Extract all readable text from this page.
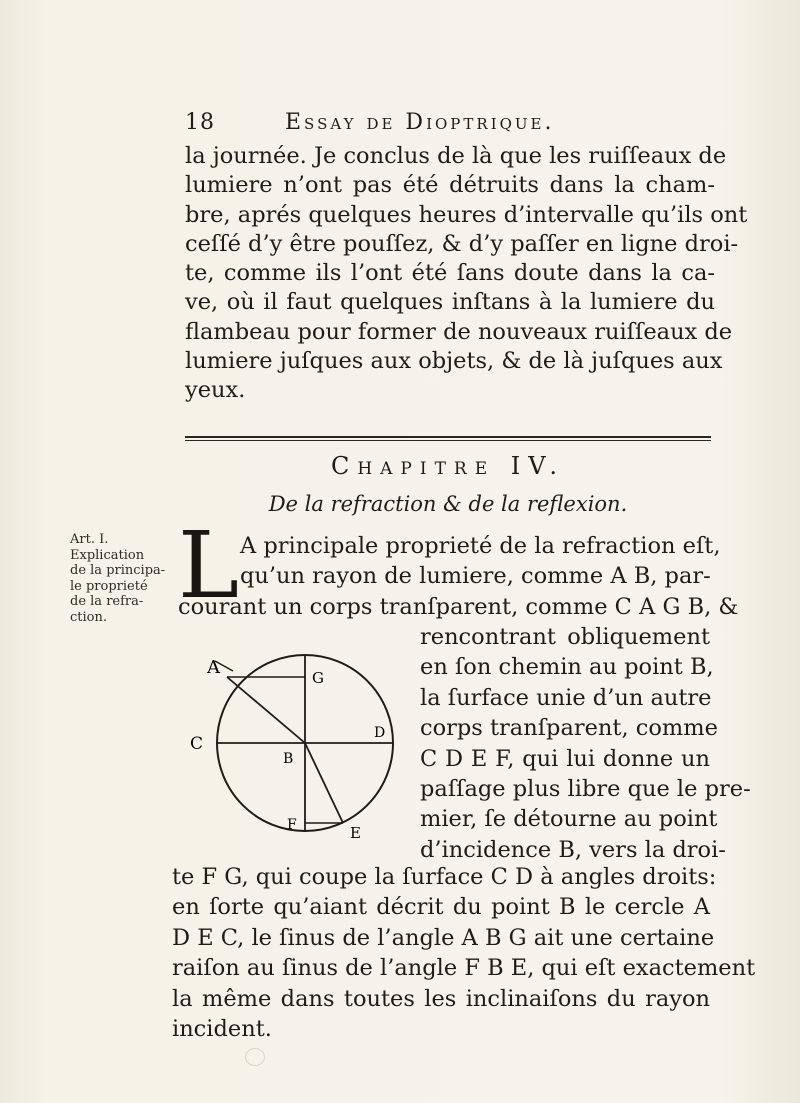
18	Essay de Dioptrique.
la journée. Je conclus de là que les ruiſſeaux de
lumiere n’ont pas été détruits dans la cham-
bre, aprés quelques heures d’intervalle qu’ils ont
ceſſé d’y être pouſſez, & d’y paſſer en ligne droi-
te, comme ils l’ont été ſans doute dans la ca-
ve, où il faut quelques inſtans à la lumiere du
flambeau pour former de nouveaux ruiſſeaux de
lumiere juſques aux objets, & de là juſques aux
yeux.
Chapitre IV.
De la refraction & de la reflexion.
Art. I.
Explication
de la principa-
le proprieté
de la refra-
ction. L A principale proprieté de la refraction eſt,
qu’un rayon de lumiere, comme A B, par-
courant un corps tranſparent, comme C A G B, &
rencontrant obliquement
en ſon chemin au point B,
la ſurface unie d’un autre
corps tranſparent, comme
C D E F, qui lui donne un
paſſage plus libre que le pre-
mier, ſe détourne au point
d’incidence B, vers la droi-
A	G
C
D
B
F	E
te F G, qui coupe la ſurface C D à angles droits:
en ſorte qu’aiant décrit du point B le cercle A
D E C, le ſinus de l’angle A B G ait une certaine
raiſon au ſinus de l’angle F B E, qui eſt exactement
la même dans toutes les inclinaiſons du rayon
incident.
